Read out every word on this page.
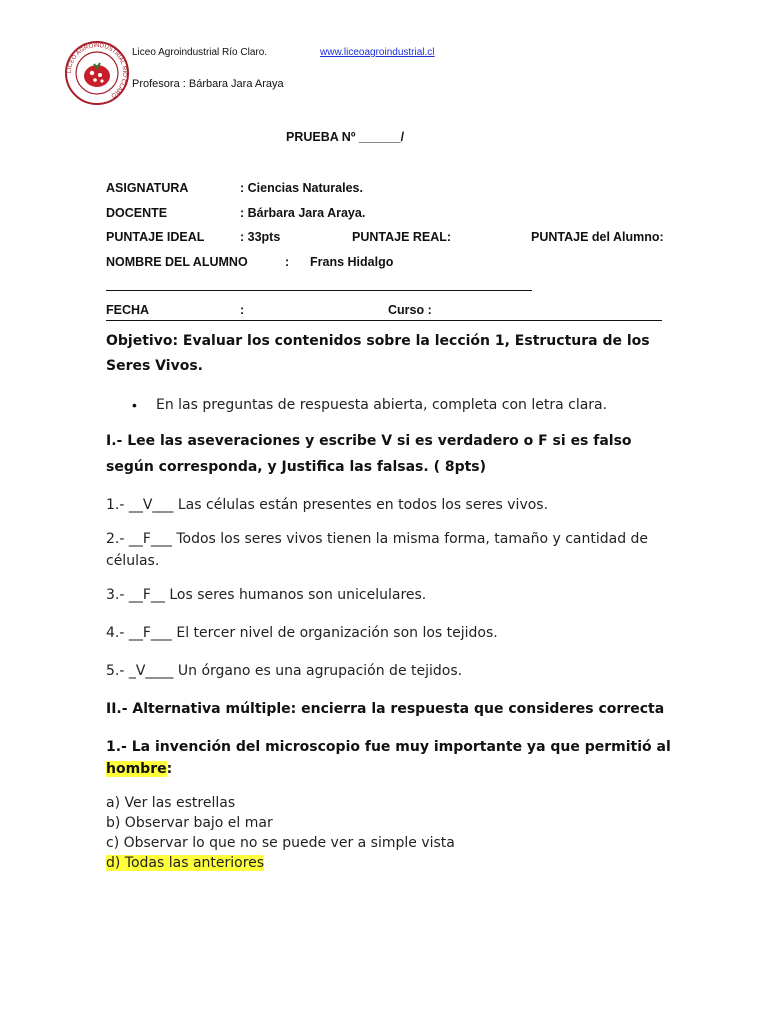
LICEO AGROINDUSTRIAL RIO CLARO
Liceo Agroindustrial Río Claro.	www.liceoagroindustrial.cl
Profesora : Bárbara Jara Araya
PRUEBA Nº ______/
ASIGNATURA	: Ciencias Naturales.
DOCENTE	: Bárbara Jara Araya.
PUNTAJE IDEAL	: 33pts	PUNTAJE REAL:	PUNTAJE del Alumno:
NOMBRE DEL ALUMNO	: Frans Hidalgo
FECHA	:	Curso :
Objetivo: Evaluar los contenidos sobre la lección 1, Estructura de los
Seres Vivos.
• En las preguntas de respuesta abierta, completa con letra clara.
I.- Lee las aseveraciones y escribe V si es verdadero o F si es falso
según corresponda, y Justifica las falsas. ( 8pts)
1.- __V___ Las células están presentes en todos los seres vivos.
2.- __F___ Todos los seres vivos tienen la misma forma, tamaño y cantidad de
células.
3.- __F__ Los seres humanos son unicelulares.
4.- __F___ El tercer nivel de organización son los tejidos.
5.- _V____ Un órgano es una agrupación de tejidos.
II.- Alternativa múltiple: encierra la respuesta que consideres correcta
1.- La invención del microscopio fue muy importante ya que permitió al
hombre:
a) Ver las estrellas
b) Observar bajo el mar
c) Observar lo que no se puede ver a simple vista
d) Todas las anteriores
